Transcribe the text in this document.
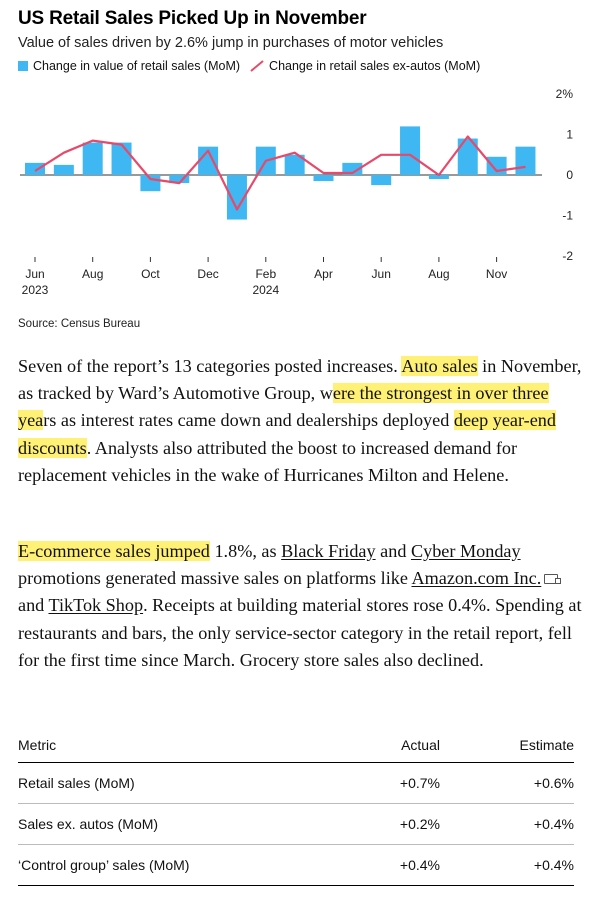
US Retail Sales Picked Up in November
Value of sales driven by 2.6% jump in purchases of motor vehicles
Change in value of retail sales (MoM) Change in retail sales ex-autos (MoM)
2%
1
0
-1
-2
Jun
2023
Aug	Oct	Dec	Feb
2024
Apr	Jun	Aug	Nov
Source: Census Bureau
Seven of the report’s 13 categories posted increases. Auto sales in November, as tracked by Ward’s Automotive Group, were the strongest in over three years as interest rates came down and dealerships deployed deep year-end discounts. Analysts also attributed the boost to increased demand for replacement vehicles in the wake of Hurricanes Milton and Helene.
E-commerce sales jumped 1.8%, as Black Friday and Cyber Monday promotions generated massive sales on platforms like Amazon.com Inc. and TikTok Shop. Receipts at building material stores rose 0.4%. Spending at restaurants and bars, the only service-sector category in the retail report, fell for the first time since March. Grocery store sales also declined.
Metric	Actual	Estimate
Retail sales (MoM)	+0.7%	+0.6%
Sales ex. autos (MoM)	+0.2%	+0.4%
‘Control group’ sales (MoM)	+0.4%	+0.4%
